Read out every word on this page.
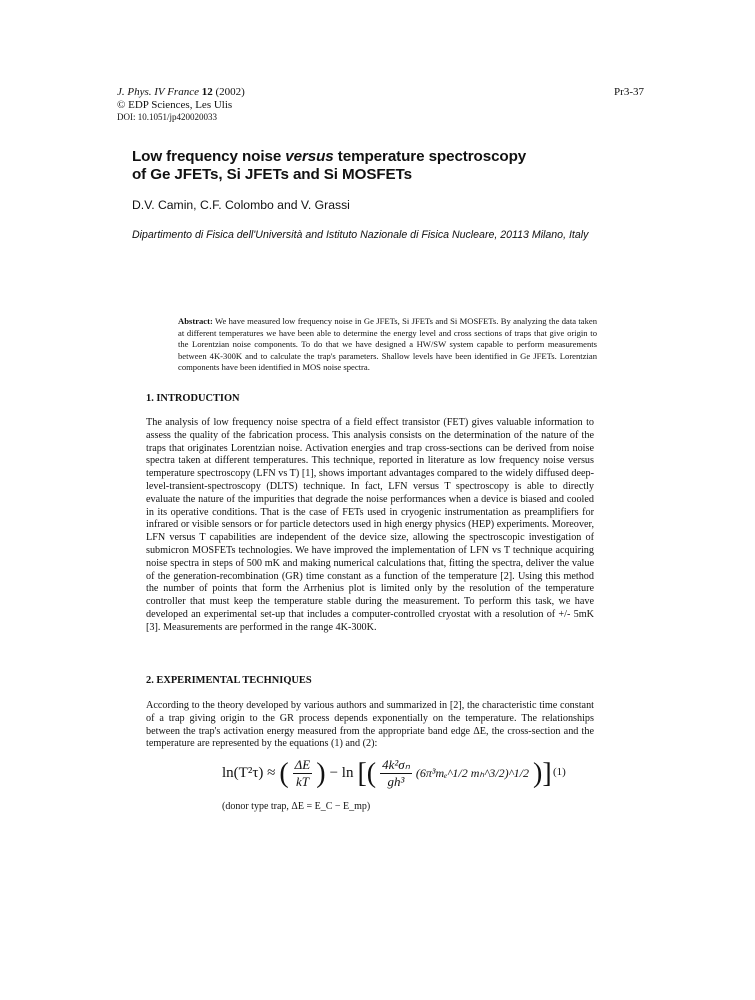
J. Phys. IV France 12 (2002)
© EDP Sciences, Les Ulis
DOI: 10.1051/jp420020033
Pr3-37
Low frequency noise versus temperature spectroscopy
of Ge JFETs, Si JFETs and Si MOSFETs
D.V. Camin, C.F. Colombo and V. Grassi
Dipartimento di Fisica dell'Università and Istituto Nazionale di Fisica Nucleare, 20113 Milano, Italy
Abstract: We have measured low frequency noise in Ge JFETs, Si JFETs and Si MOSFETs. By analyzing the data taken at different temperatures we have been able to determine the energy level and cross sections of traps that give origin to the Lorentzian noise components. To do that we have designed a HW/SW system capable to perform measurements between 4K-300K and to calculate the trap's parameters. Shallow levels have been identified in Ge JFETs. Lorentzian components have been identified in MOS noise spectra.
1. INTRODUCTION
The analysis of low frequency noise spectra of a field effect transistor (FET) gives valuable information to assess the quality of the fabrication process. This analysis consists on the determination of the nature of the traps that originates Lorentzian noise. Activation energies and trap cross-sections can be derived from noise spectra taken at different temperatures. This technique, reported in literature as low frequency noise versus temperature spectroscopy (LFN vs T) [1], shows important advantages compared to the widely diffused deep-level-transient-spectroscopy (DLTS) technique. In fact, LFN versus T spectroscopy is able to directly evaluate the nature of the impurities that degrade the noise performances when a device is biased and cooled in its operative conditions. That is the case of FETs used in cryogenic instrumentation as preamplifiers for infrared or visible sensors or for particle detectors used in high energy physics (HEP) experiments. Moreover, LFN versus T capabilities are independent of the device size, allowing the spectroscopic investigation of submicron MOSFETs technologies. We have improved the implementation of LFN vs T technique acquiring noise spectra in steps of 500 mK and making numerical calculations that, fitting the spectra, deliver the value of the generation-recombination (GR) time constant as a function of the temperature [2]. Using this method the number of points that form the Arrhenius plot is limited only by the resolution of the temperature controller that must keep the temperature stable during the measurement. To perform this task, we have developed an experimental set-up that includes a computer-controlled cryostat with a resolution of +/- 5mK [3]. Measurements are performed in the range 4K-300K.
2. EXPERIMENTAL TECHNIQUES
According to the theory developed by various authors and summarized in [2], the characteristic time constant of a trap giving origin to the GR process depends exponentially on the temperature. The relationships between the trap's activation energy measured from the appropriate band edge ΔE, the cross-section and the temperature are represented by the equations (1) and (2):
ln(T²τ) ≈ ( $\frac{\Delta E}{kT}$ ) − ln [( $\frac{\text{4k²σₙ}}{\text{gh³}}$ (6π³mₑ^1/2 mₕ^3/2)^1/2 )] (1)
(donor type trap, ΔE = E_C − E_mp)
